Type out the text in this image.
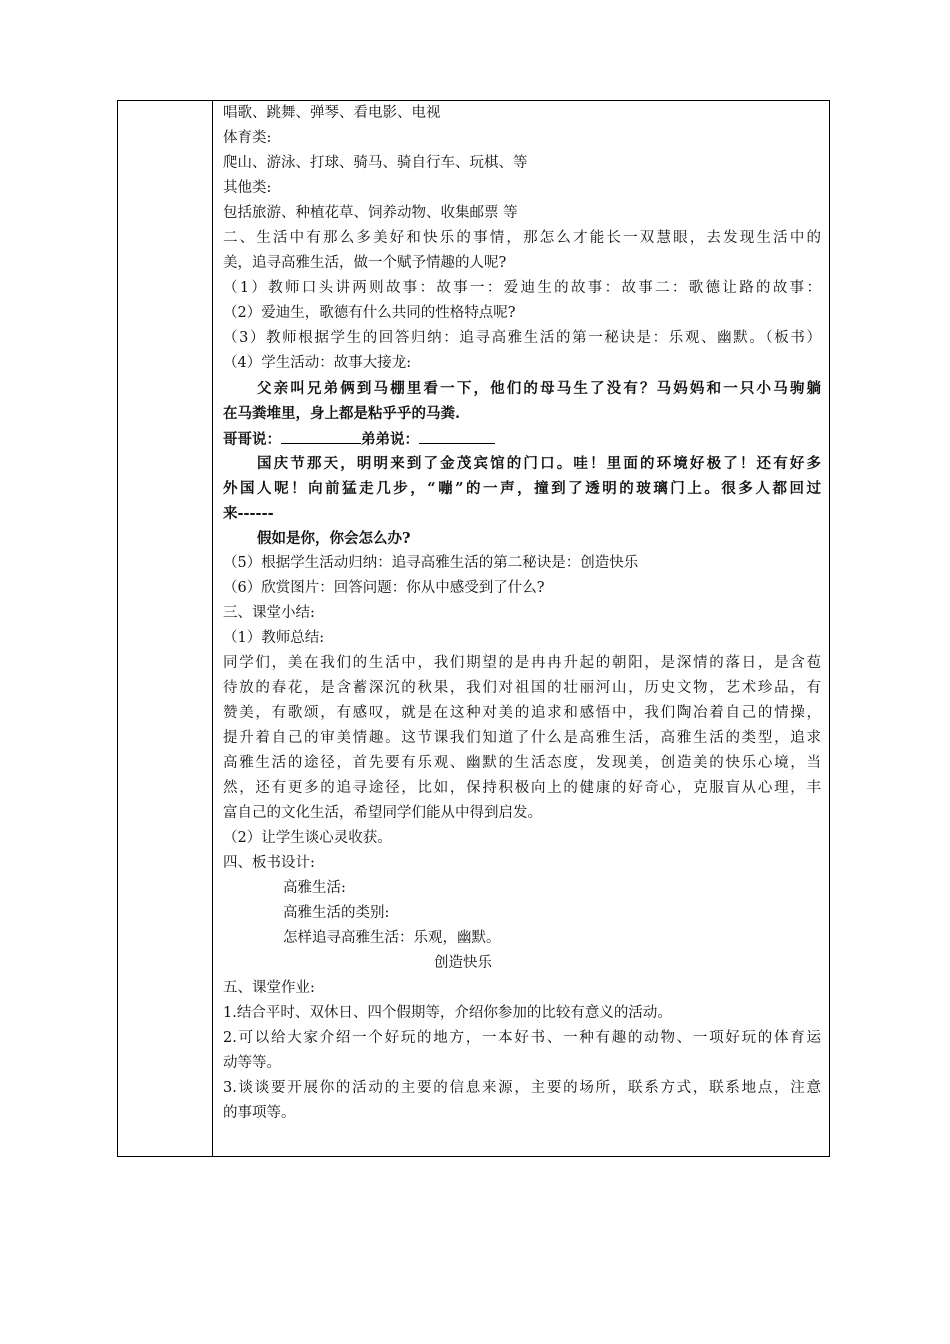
唱歌、跳舞、弹琴、看电影、电视
体育类:
爬山、游泳、打球、骑马、骑自行车、玩棋、等
其他类:
包括旅游、种植花草、饲养动物、收集邮票 等
二、生活中有那么多美好和快乐的事情，那怎么才能长一双慧眼，去发现生活中的
美，追寻高雅生活，做一个赋予情趣的人呢?
（1）教师口头讲两则故事：故事一：爱迪生的故事：故事二：歌德让路的故事：
（2）爱迪生，歌德有什么共同的性格特点呢?
（3）教师根据学生的回答归纳：追寻高雅生活的第一秘诀是：乐观、幽默。（板书）
（4）学生活动：故事大接龙:
父亲叫兄弟俩到马棚里看一下，他们的母马生了没有？马妈妈和一只小马驹躺
在马粪堆里，身上都是粘乎乎的马粪.
哥哥说：	弟弟说：
国庆节那天，明明来到了金茂宾馆的门口。哇！里面的环境好极了！还有好多
外国人呢！向前猛走几步，“嘣”的一声，撞到了透明的玻璃门上。很多人都回过
来------
假如是你，你会怎么办?
（5）根据学生活动归纳：追寻高雅生活的第二秘诀是：创造快乐
（6）欣赏图片：回答问题：你从中感受到了什么?
三、课堂小结:
（1）教师总结:
同学们，美在我们的生活中，我们期望的是冉冉升起的朝阳，是深情的落日，是含苞
待放的春花，是含蓄深沉的秋果，我们对祖国的壮丽河山，历史文物，艺术珍品，有
赞美，有歌颂，有感叹，就是在这种对美的追求和感悟中，我们陶冶着自己的情操，
提升着自己的审美情趣。这节课我们知道了什么是高雅生活，高雅生活的类型，追求
高雅生活的途径，首先要有乐观、幽默的生活态度，发现美，创造美的快乐心境，当
然，还有更多的追寻途径，比如，保持积极向上的健康的好奇心，克服盲从心理，丰
富自己的文化生活，希望同学们能从中得到启发。
（2）让学生谈心灵收获。
四、板书设计:
高雅生活:
高雅生活的类别:
怎样追寻高雅生活：乐观，幽默。
创造快乐
五、课堂作业:
1.结合平时、双休日、四个假期等，介绍你参加的比较有意义的活动。
2.可以给大家介绍一个好玩的地方，一本好书、一种有趣的动物、一项好玩的体育运
动等等。
3.谈谈要开展你的活动的主要的信息来源，主要的场所，联系方式，联系地点，注意
的事项等。
